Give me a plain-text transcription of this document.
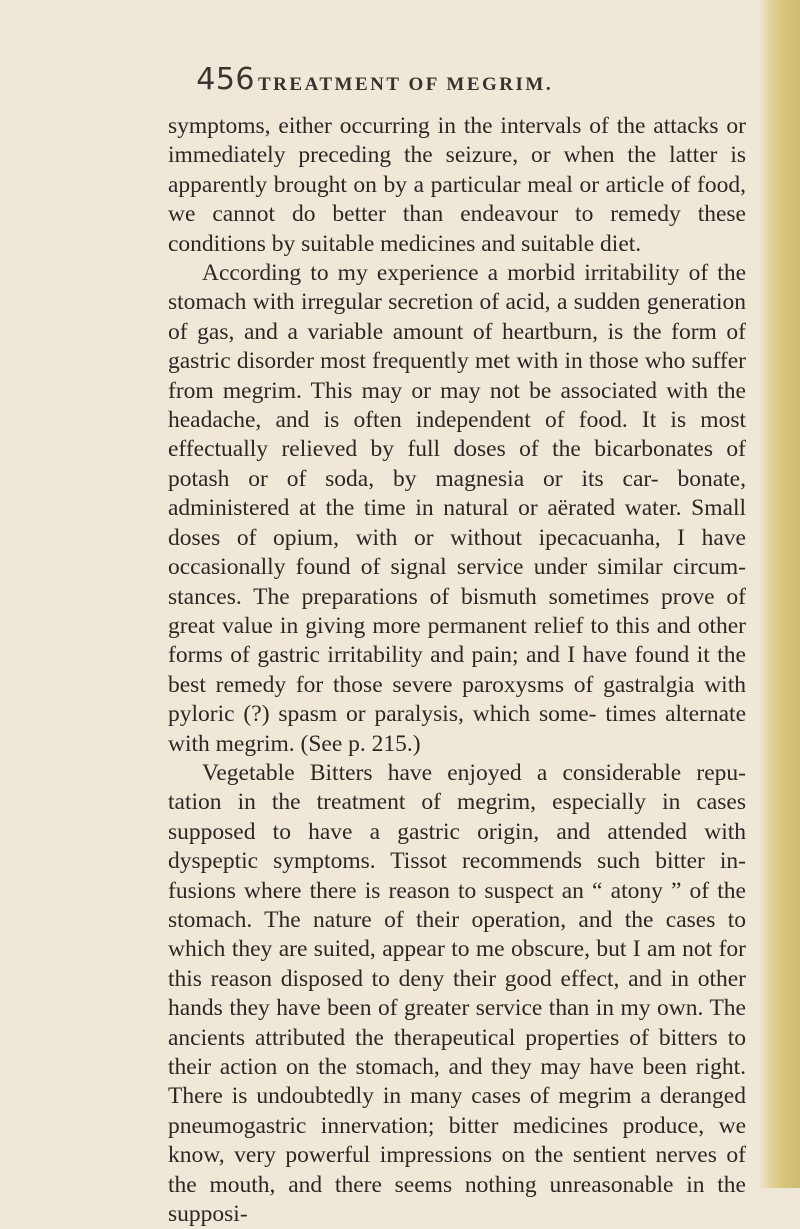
456 TREATMENT OF MEGRIM.

symptoms, either occurring in the intervals of the attacks or immediately preceding the seizure, or when the latter is apparently brought on by a particular meal or article of food, we cannot do better than endeavour to remedy these conditions by suitable medicines and suitable diet.

According to my experience a morbid irritability of the stomach with irregular secretion of acid, a sudden generation of gas, and a variable amount of heartburn, is the form of gastric disorder most frequently met with in those who suffer from megrim. This may or may not be associated with the headache, and is often independent of food. It is most effectually relieved by full doses of the bicarbonates of potash or of soda, by magnesia or its car- bonate, administered at the time in natural or aërated water. Small doses of opium, with or without ipecacuanha, I have occasionally found of signal service under similar circum- stances. The preparations of bismuth sometimes prove of great value in giving more permanent relief to this and other forms of gastric irritability and pain; and I have found it the best remedy for those severe paroxysms of gastralgia with pyloric (?) spasm or paralysis, which some- times alternate with megrim. (See p. 215.)

Vegetable Bitters have enjoyed a considerable repu- tation in the treatment of megrim, especially in cases supposed to have a gastric origin, and attended with dyspeptic symptoms. Tissot recommends such bitter in- fusions where there is reason to suspect an “ atony ” of the stomach. The nature of their operation, and the cases to which they are suited, appear to me obscure, but I am not for this reason disposed to deny their good effect, and in other hands they have been of greater service than in my own. The ancients attributed the therapeutical properties of bitters to their action on the stomach, and they may have been right. There is undoubtedly in many cases of megrim a deranged pneumogastric innervation; bitter medicines produce, we know, very powerful impressions on the sentient nerves of the mouth, and there seems nothing unreasonable in the supposi-
